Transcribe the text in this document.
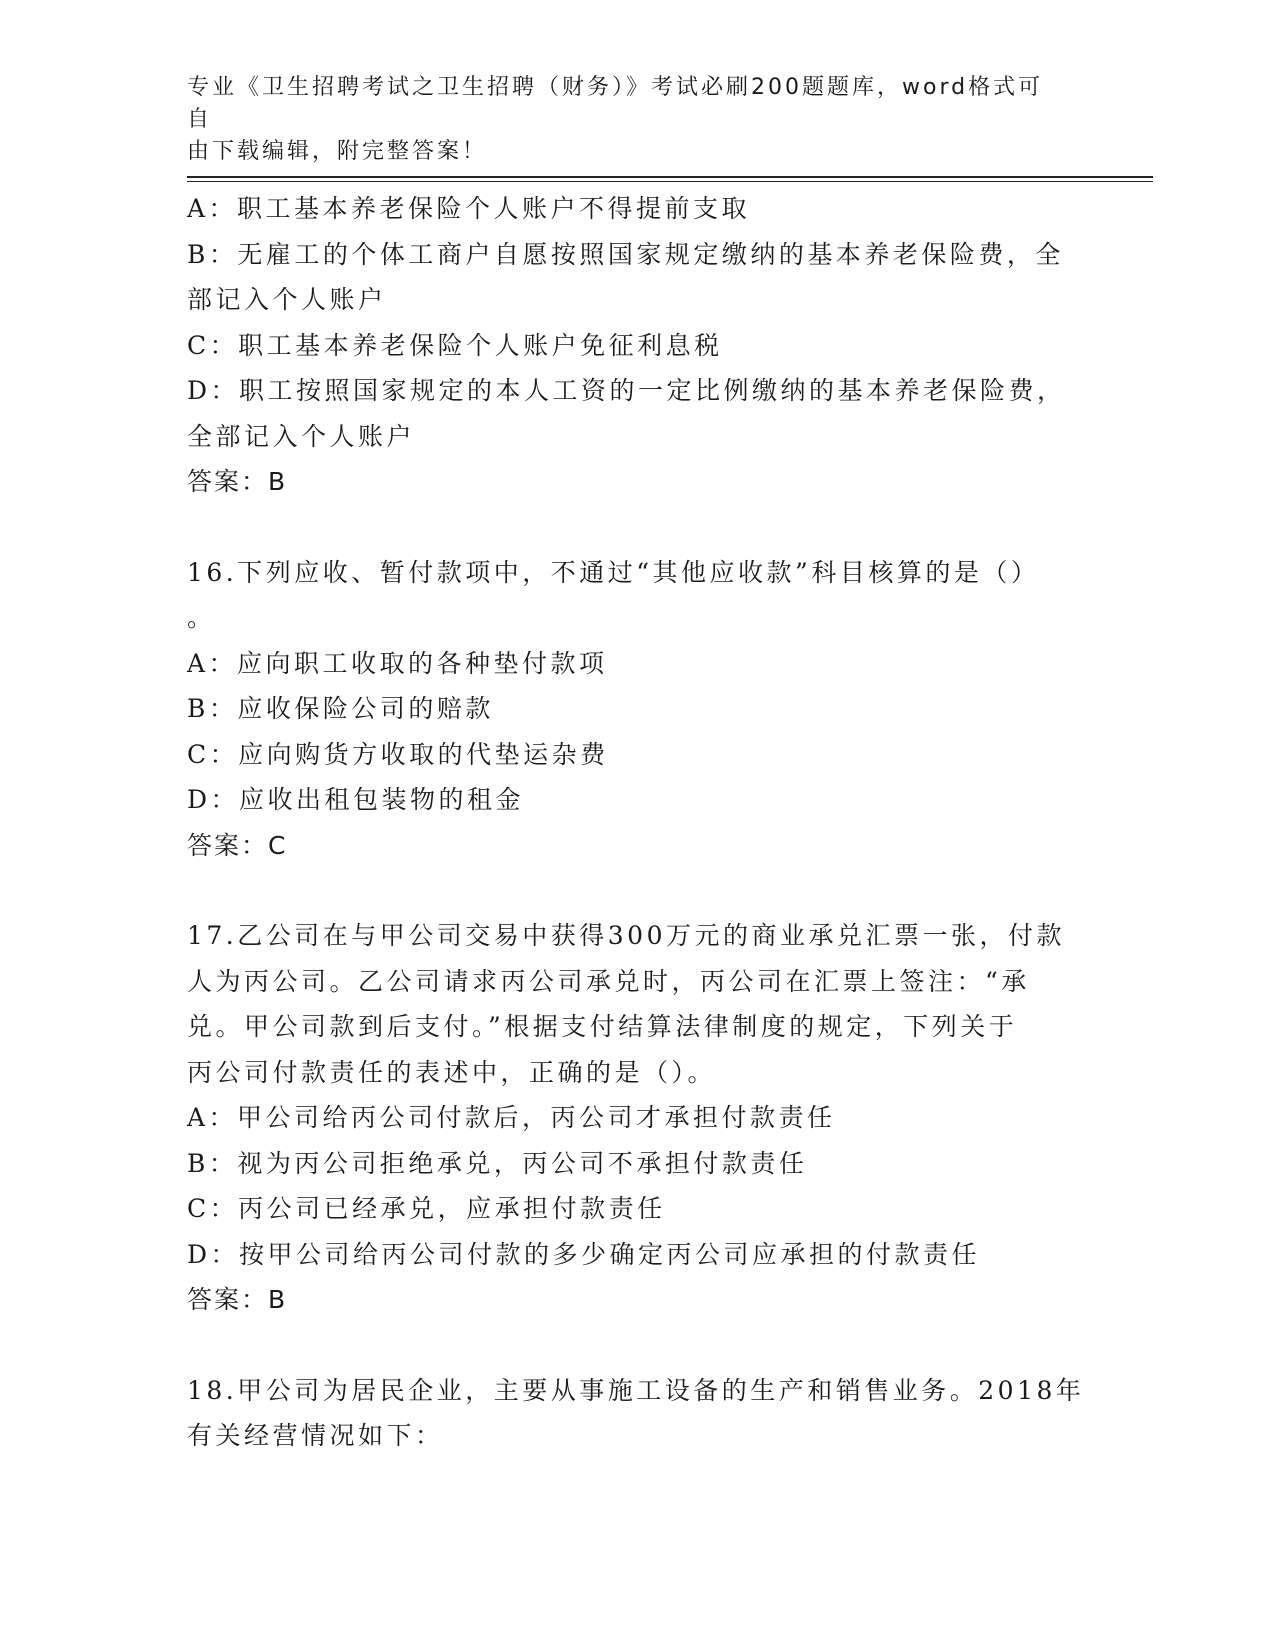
专业《卫生招聘考试之卫生招聘（财务）》考试必刷200题题库，word格式可自
由下载编辑，附完整答案！

A：职工基本养老保险个人账户不得提前支取

B：无雇工的个体工商户自愿按照国家规定缴纳的基本养老保险费，全

部记入个人账户

C：职工基本养老保险个人账户免征利息税

D：职工按照国家规定的本人工资的一定比例缴纳的基本养老保险费，

全部记入个人账户

答案：B

16.下列应收、暂付款项中，不通过“其他应收款”科目核算的是（）

。

A：应向职工收取的各种垫付款项

B：应收保险公司的赔款

C：应向购货方收取的代垫运杂费

D：应收出租包装物的租金

答案：C

17.乙公司在与甲公司交易中获得300万元的商业承兑汇票一张，付款

人为丙公司。乙公司请求丙公司承兑时，丙公司在汇票上签注：“承

兑。甲公司款到后支付。”根据支付结算法律制度的规定，下列关于

丙公司付款责任的表述中，正确的是（）。

A：甲公司给丙公司付款后，丙公司才承担付款责任

B：视为丙公司拒绝承兑，丙公司不承担付款责任

C：丙公司已经承兑，应承担付款责任

D：按甲公司给丙公司付款的多少确定丙公司应承担的付款责任

答案：B

18.甲公司为居民企业，主要从事施工设备的生产和销售业务。2018年

有关经营情况如下：
